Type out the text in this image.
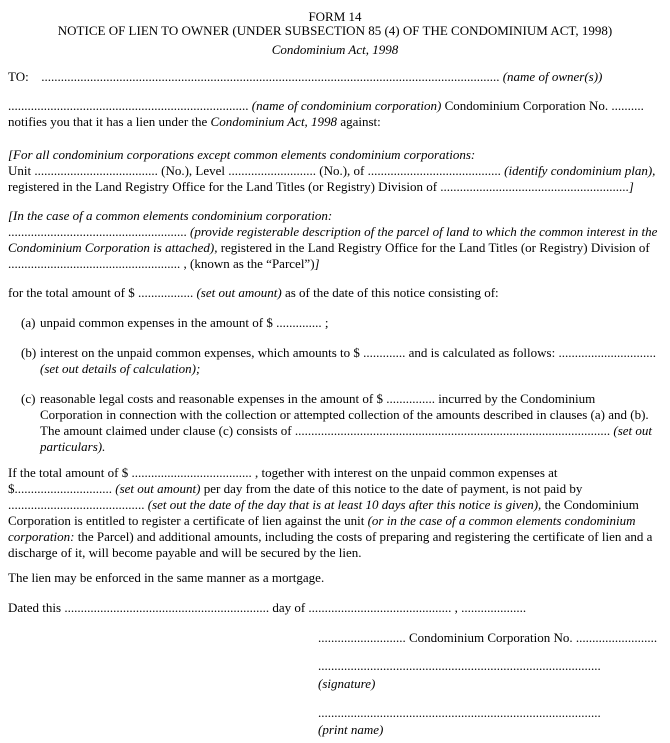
FORM 14
NOTICE OF LIEN TO OWNER (UNDER SUBSECTION 85 (4) OF THE CONDOMINIUM ACT, 1998)
Condominium Act, 1998
TO: ............................................................................................................................................. (name of owner(s))

.......................................................................... (name of condominium corporation) Condominium Corporation No. ..........

notifies you that it has a lien under the Condominium Act, 1998 against:

[For all condominium corporations except common elements condominium corporations:

Unit ...................................... (No.), Level ........................... (No.), of ......................................... (identify condominium plan),

registered in the Land Registry Office for the Land Titles (or Registry) Division of ..........................................................]

[In the case of a common elements condominium corporation:

....................................................... (provide registerable description of the parcel of land to which the common interest in the Condominium Corporation is attached), registered in the Land Registry Office for the Land Titles (or Registry) Division of

..................................................... , (known as the “Parcel”)]

for the total amount of $ ................. (set out amount) as of the date of this notice consisting of:
(a) unpaid common expenses in the amount of $ .............. ;
(b) interest on the unpaid common expenses, which amounts to $ ............. and is calculated as follows: ..............................

(set out details of calculation);

(c) reasonable legal costs and reasonable expenses in the amount of $ ............... incurred by the Condominium Corporation in connection with the collection or attempted collection of the amounts described in clauses (a) and (b). The amount claimed under clause (c) consists of ................................................................................................. (set out particulars).
If the total amount of $ ..................................... , together with interest on the unpaid common expenses at $.............................. (set out amount) per day from the date of this notice to the date of payment, is not paid by .......................................... (set out the date of the day that is at least 10 days after this notice is given), the Condominium Corporation is entitled to register a certificate of lien against the unit (or in the case of a common elements condominium corporation: the Parcel) and additional amounts, including the costs of preparing and registering the certificate of lien and a discharge of it, will become payable and will be secured by the lien.
The lien may be enforced in the same manner as a mortgage.
Dated this ............................................................... day of ............................................ , ....................
........................... Condominium Corporation No. .........................
.......................................................................................
(signature)
.......................................................................................
(print name)
